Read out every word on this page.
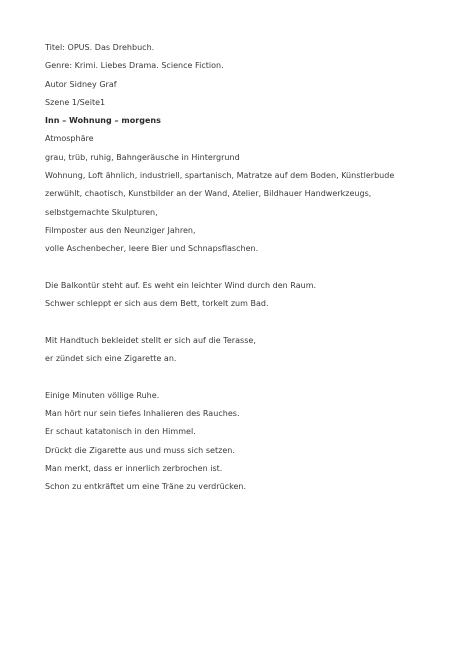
Titel: OPUS. Das Drehbuch.
Genre: Krimi. Liebes Drama. Science Fiction.
Autor Sidney Graf
Szene 1/Seite1
Inn – Wohnung – morgens
Atmosphäre
grau, trüb, ruhig, Bahngeräusche in Hintergrund
Wohnung, Loft ähnlich, industriell, spartanisch, Matratze auf dem Boden, Künstlerbude
zerwühlt, chaotisch, Kunstbilder an der Wand, Atelier, Bildhauer Handwerkzeugs,
selbstgemachte Skulpturen,
Filmposter aus den Neunziger Jahren,
volle Aschenbecher, leere Bier und Schnapsflaschen.
Die Balkontür steht auf. Es weht ein leichter Wind durch den Raum.
Schwer schleppt er sich aus dem Bett, torkelt zum Bad.
Mit Handtuch bekleidet stellt er sich auf die Terasse,
er zündet sich eine Zigarette an.
Einige Minuten völlige Ruhe.
Man hört nur sein tiefes Inhalieren des Rauches.
Er schaut katatonisch in den Himmel.
Drückt die Zigarette aus und muss sich setzen.
Man merkt, dass er innerlich zerbrochen ist.
Schon zu entkräftet um eine Träne zu verdrücken.
